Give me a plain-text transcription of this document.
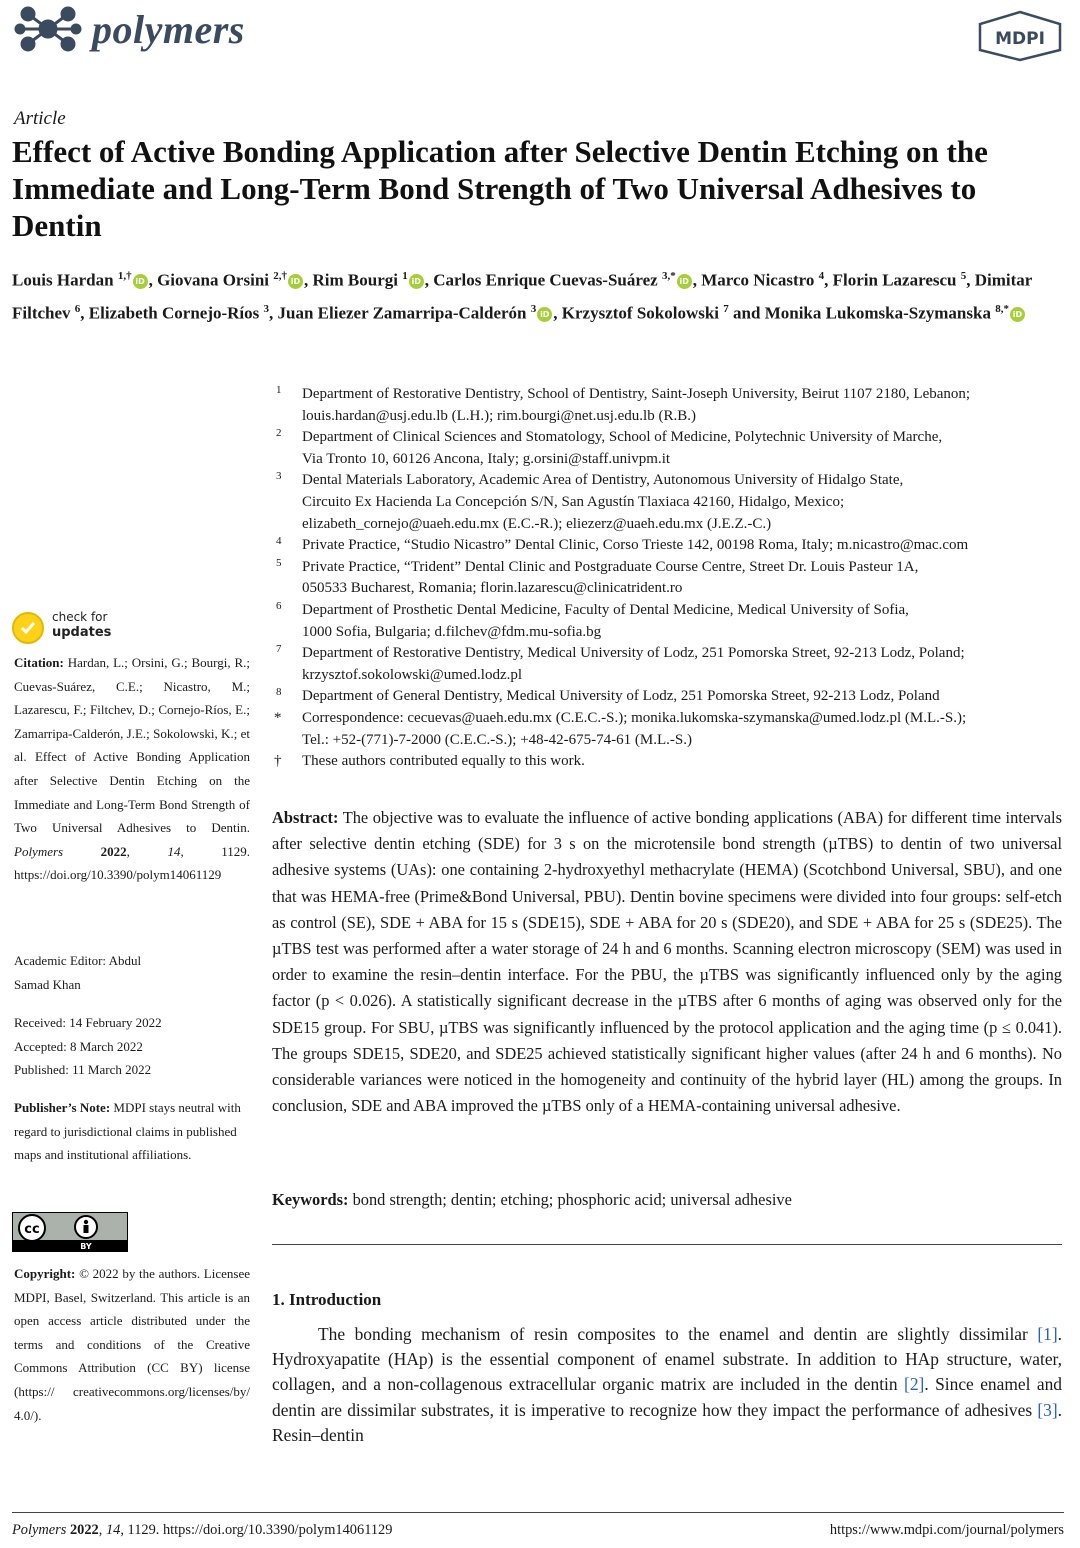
polymers	MDPI
Article
Effect of Active Bonding Application after Selective Dentin Etching on the Immediate and Long-Term Bond Strength of Two Universal Adhesives to Dentin
Louis Hardan $^{1,\dagger}$ iD , Giovana Orsini $^{2,\dagger}$ iD , Rim Bourgi $^1$ iD , Carlos Enrique Cuevas-Suárez $^{3,*}$ iD , Marco Nicastro $^4$, Florin Lazarescu $^5$, Dimitar Filtchev $^6$, Elizabeth Cornejo-Ríos $^3$, Juan Eliezer Zamarripa-Calderón $^3$ iD , Krzysztof Sokolowski $^7$ and Monika Lukomska-Szymanska $^{8,*}$ iD
1 Department of Restorative Dentistry, School of Dentistry, Saint-Joseph University, Beirut 1107 2180, Lebanon;
louis.hardan@usj.edu.lb (L.H.); rim.bourgi@net.usj.edu.lb (R.B.)
2 Department of Clinical Sciences and Stomatology, School of Medicine, Polytechnic University of Marche,
Via Tronto 10, 60126 Ancona, Italy; g.orsini@staff.univpm.it
3 Dental Materials Laboratory, Academic Area of Dentistry, Autonomous University of Hidalgo State,
Circuito Ex Hacienda La Concepción S/N, San Agustín Tlaxiaca 42160, Hidalgo, Mexico;
elizabeth_cornejo@uaeh.edu.mx (E.C.-R.); eliezerz@uaeh.edu.mx (J.E.Z.-C.)
4 Private Practice, “Studio Nicastro” Dental Clinic, Corso Trieste 142, 00198 Roma, Italy; m.nicastro@mac.com
5 Private Practice, “Trident” Dental Clinic and Postgraduate Course Centre, Street Dr. Louis Pasteur 1A,
050533 Bucharest, Romania; florin.lazarescu@clinicatrident.ro
6 Department of Prosthetic Dental Medicine, Faculty of Dental Medicine, Medical University of Sofia,
1000 Sofia, Bulgaria; d.filchev@fdm.mu-sofia.bg
7 Department of Restorative Dentistry, Medical University of Lodz, 251 Pomorska Street, 92-213 Lodz, Poland;
krzysztof.sokolowski@umed.lodz.pl
8 Department of General Dentistry, Medical University of Lodz, 251 Pomorska Street, 92-213 Lodz, Poland
* Correspondence: cecuevas@uaeh.edu.mx (C.E.C.-S.); monika.lukomska-szymanska@umed.lodz.pl (M.L.-S.);
Tel.: +52-(771)-7-2000 (C.E.C.-S.); +48-42-675-74-61 (M.L.-S.)
† These authors contributed equally to this work.
check for
updates
Citation: Hardan, L.; Orsini, G.; Bourgi, R.; Cuevas-Suárez, C.E.; Nicastro, M.; Lazarescu, F.; Filtchev, D.; Cornejo-Ríos, E.; Zamarripa-Calderón, J.E.; Sokolowski, K.; et al. Effect of Active Bonding Application after Selective Dentin Etching on the Immediate and Long-Term Bond Strength of Two Universal Adhesives to Dentin. Polymers	2022, 14, 1129. https://doi.org/10.3390/polym14061129
Academic Editor: Abdul Samad Khan
Received: 14 February 2022
Accepted: 8 March 2022
Published: 11 March 2022
Publisher’s Note: MDPI stays neutral with regard to jurisdictional claims in published maps and institutional affiliations.
cc
BY
Copyright: © 2022 by the authors. Licensee MDPI, Basel, Switzerland. This article is an open access article distributed under the terms and conditions of the Creative Commons Attribution (CC BY) license (https:// creativecommons.org/licenses/by/ 4.0/).
Abstract: The objective was to evaluate the influence of active bonding applications (ABA) for different time intervals after selective dentin etching (SDE) for 3 s on the microtensile bond strength (µTBS) to dentin of two universal adhesive systems (UAs): one containing 2-hydroxyethyl methacrylate (HEMA) (Scotchbond Universal, SBU), and one that was HEMA-free (Prime&Bond Universal, PBU). Dentin bovine specimens were divided into four groups: self-etch as control (SE), SDE + ABA for 15 s (SDE15), SDE + ABA for 20 s (SDE20), and SDE + ABA for 25 s (SDE25). The µTBS test was performed after a water storage of 24 h and 6 months. Scanning electron microscopy (SEM) was used in order to examine the resin–dentin interface. For the PBU, the µTBS was significantly influenced only by the aging factor (p < 0.026). A statistically significant decrease in the µTBS after 6 months of aging was observed only for the SDE15 group. For SBU, µTBS was significantly influenced by the protocol application and the aging time (p ≤ 0.041). The groups SDE15, SDE20, and SDE25 achieved statistically significant higher values (after 24 h and 6 months). No considerable variances were noticed in the homogeneity and continuity of the hybrid layer (HL) among the groups. In conclusion, SDE and ABA improved the µTBS only of a HEMA-containing universal adhesive.
Keywords: bond strength; dentin; etching; phosphoric acid; universal adhesive
1. Introduction
The bonding mechanism of resin composites to the enamel and dentin are slightly dissimilar [1]. Hydroxyapatite (HAp) is the essential component of enamel substrate. In addition to HAp structure, water, collagen, and a non-collagenous extracellular organic matrix are included in the dentin [2]. Since enamel and dentin are dissimilar substrates, it is imperative to recognize how they impact the performance of adhesives [3]. Resin–dentin
Polymers 2022, 14, 1129. https://doi.org/10.3390/polym14061129	https://www.mdpi.com/journal/polymers
